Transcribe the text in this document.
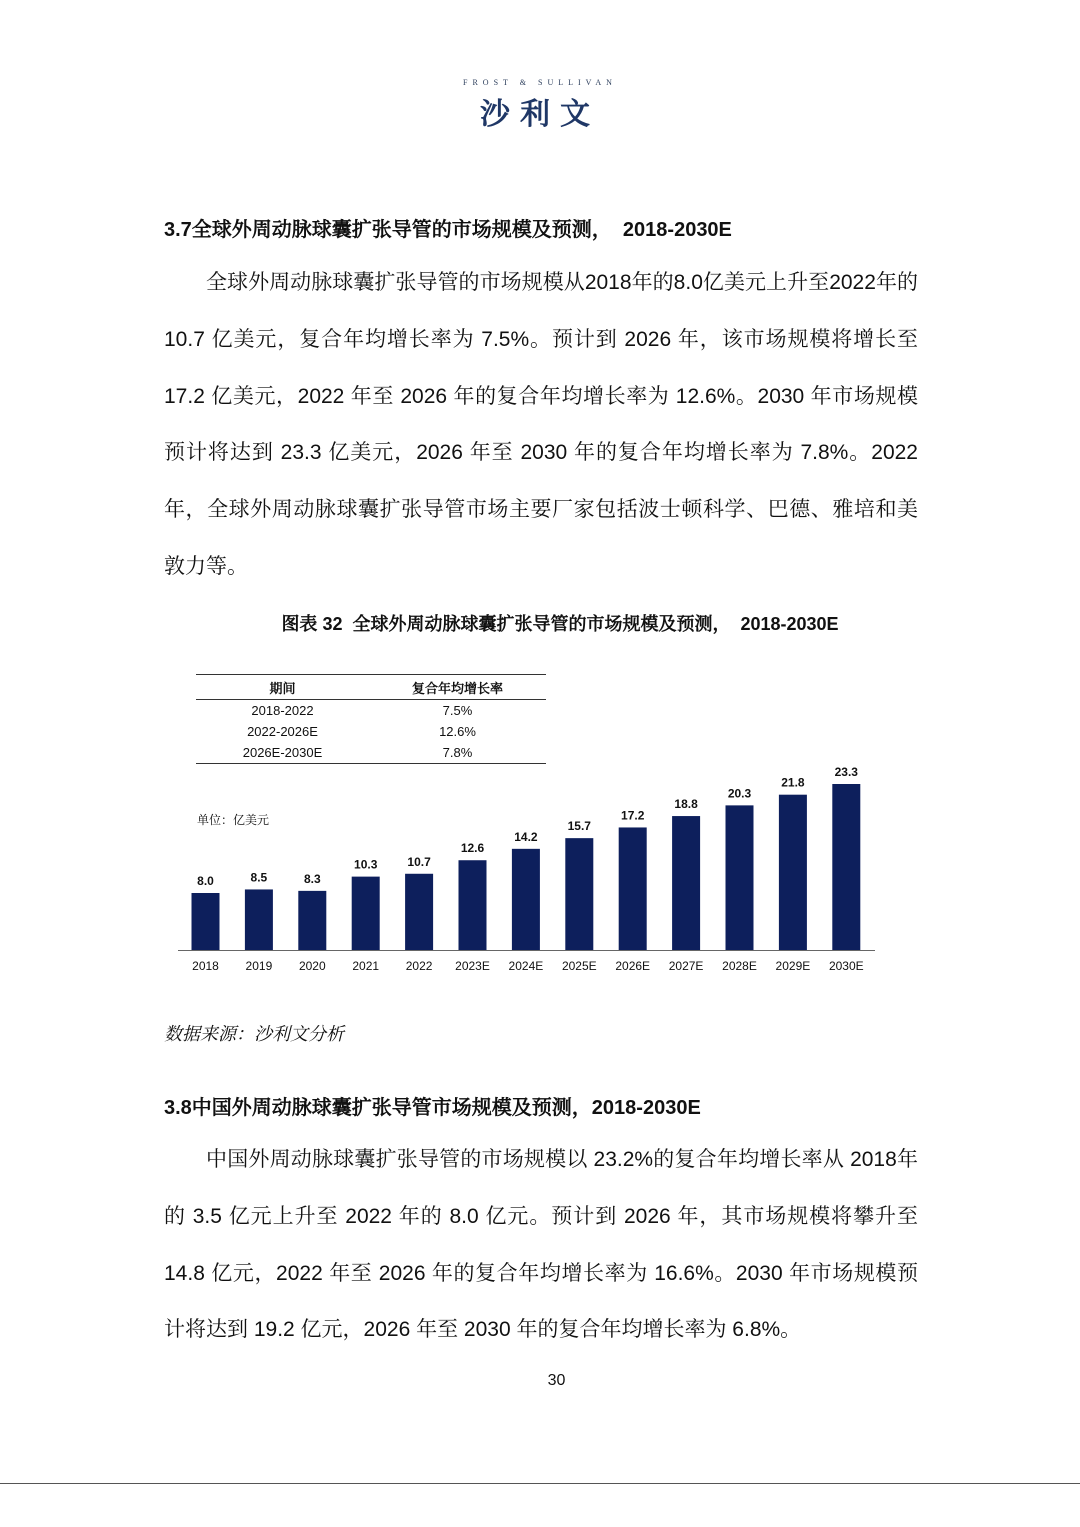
FROST & SULLIVAN
沙利文
3.7全球外周动脉球囊扩张导管的市场规模及预测，  2018-2030E

全球外周动脉球囊扩张导管的市场规模从2018年的8.0亿美元上升至2022年的 10.7 亿美元，复合年均增长率为 7.5%。预计到 2026 年，该市场规模将增长至 17.2 亿美元，2022 年至 2026 年的复合年均增长率为 12.6%。2030 年市场规模预计将达到 23.3 亿美元，2026 年至 2030 年的复合年均增长率为 7.8%。2022 年，全球外周动脉球囊扩张导管市场主要厂家包括波士顿科学、巴德、雅培和美敦力等。

图表 32  全球外周动脉球囊扩张导管的市场规模及预测，  2018-2030E
期间	复合年均增长率
2018-2022	7.5%
2022-2026E	12.6%
2026E-2030E	7.8%
单位：亿美元
8.0
2018
8.5
2019
8.3
2020
10.3
2021
10.7
2022
12.6
2023E
14.2
2024E
15.7
2025E
17.2
2026E
18.8
2027E
20.3
2028E
21.8
2029E
23.3
2030E
数据来源：沙利文分析
3.8中国外周动脉球囊扩张导管市场规模及预测，2018-2030E

中国外周动脉球囊扩张导管的市场规模以 23.2%的复合年均增长率从 2018年的 3.5 亿元上升至 2022 年的 8.0 亿元。预计到 2026 年，其市场规模将攀升至 14.8 亿元，2022 年至 2026 年的复合年均增长率为 16.6%。2030 年市场规模预计将达到 19.2 亿元，2026 年至 2030 年的复合年均增长率为 6.8%。

30
